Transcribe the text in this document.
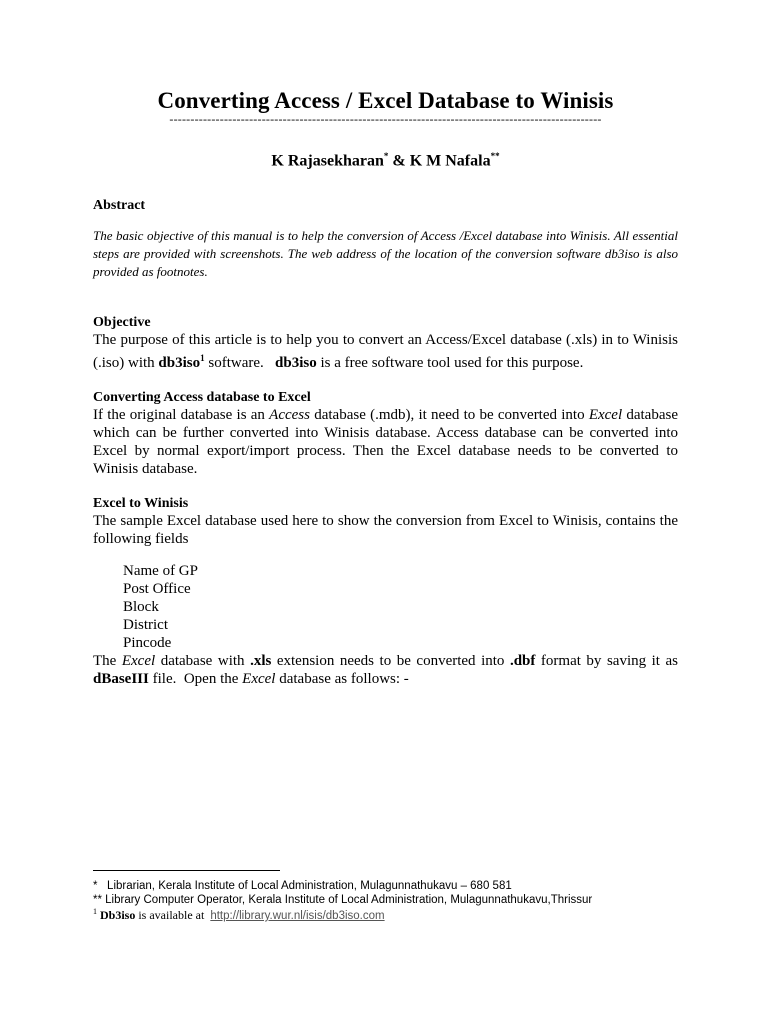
Converting Access / Excel Database to Winisis
-------------------------------------------------------------------------------------------------------
K Rajasekharan* & K M Nafala**
Abstract
The basic objective of this manual is to help the conversion of Access /Excel database into Winisis. All essential steps are provided with screenshots. The web address of the location of the conversion software db3iso is also provided as footnotes.
Objective

The purpose of this article is to help you to convert an Access/Excel database (.xls) in to Winisis (.iso) with db3iso$^1$ software.   db3iso is a free software tool used for this purpose.

Converting Access database to Excel

If the original database is an Access database (.mdb), it need to be converted into Excel database which can be further converted into Winisis database. Access database can be converted into Excel by normal export/import process. Then the Excel database needs to be converted to Winisis database.

Excel to Winisis

The sample Excel database used here to show the conversion from Excel to Winisis, contains the following fields

Name of GP
Post Office
Block
District
Pincode

The Excel database with .xls extension needs to be converted into .dbf format by saving it as dBaseIII file.  Open the Excel database as follows: -

*   Librarian, Kerala Institute of Local Administration, Mulagunnathukavu – 680 581
** Library Computer Operator, Kerala Institute of Local Administration, Mulagunnathukavu,Thrissur
$^1$ Db3iso is available at  http://library.wur.nl/isis/db3iso.com
